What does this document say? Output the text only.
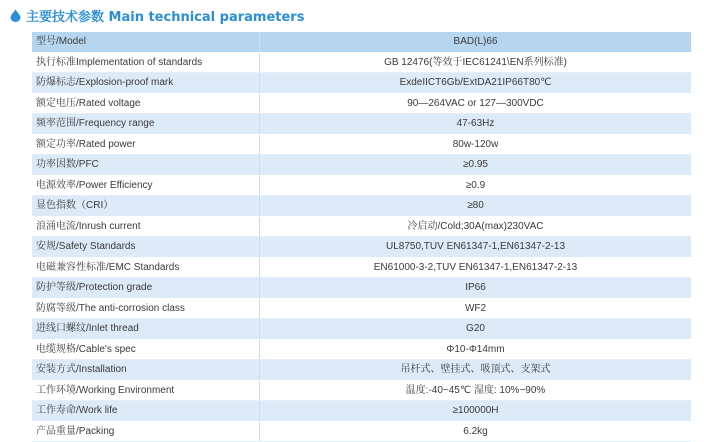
主要技术参数 Main technical parameters
型号/Model	BAD(L)66
执行标准Implementation of standards	GB 12476(等效于IEC61241\EN系列标准)
防爆标志/Explosion-proof mark	ExdeIICT6Gb/ExtDA21IP66T80℃
额定电压/Rated voltage	90—264VAC or 127—300VDC
频率范围/Frequency range	47-63Hz
额定功率/Rated power	80w-120w
功率因数/PFC	≥0.95
电源效率/Power Efficiency	≥0.9
显色指数（CRI）	≥80
浪涌电流/Inrush current	冷启动/Cold;30A(max)230VAC
安规/Safety Standards	UL8750,TUV EN61347-1,EN61347-2-13
电磁兼容性标准/EMC Standards	EN61000-3-2,TUV EN61347-1,EN61347-2-13
防护等级/Protection grade	IP66
防腐等级/The anti-corrosion class	WF2
进线口螺纹/Inlet thread	G20
电缆规格/Cable's spec	Φ10-Φ14mm
安装方式/Installation	吊杆式、壁挂式、吸顶式、支架式
工作环境/Working Environment	温度:-40~45℃ 湿度: 10%~90%
工作寿命/Work life	≥100000H
产品重量/Packing	6.2kg
